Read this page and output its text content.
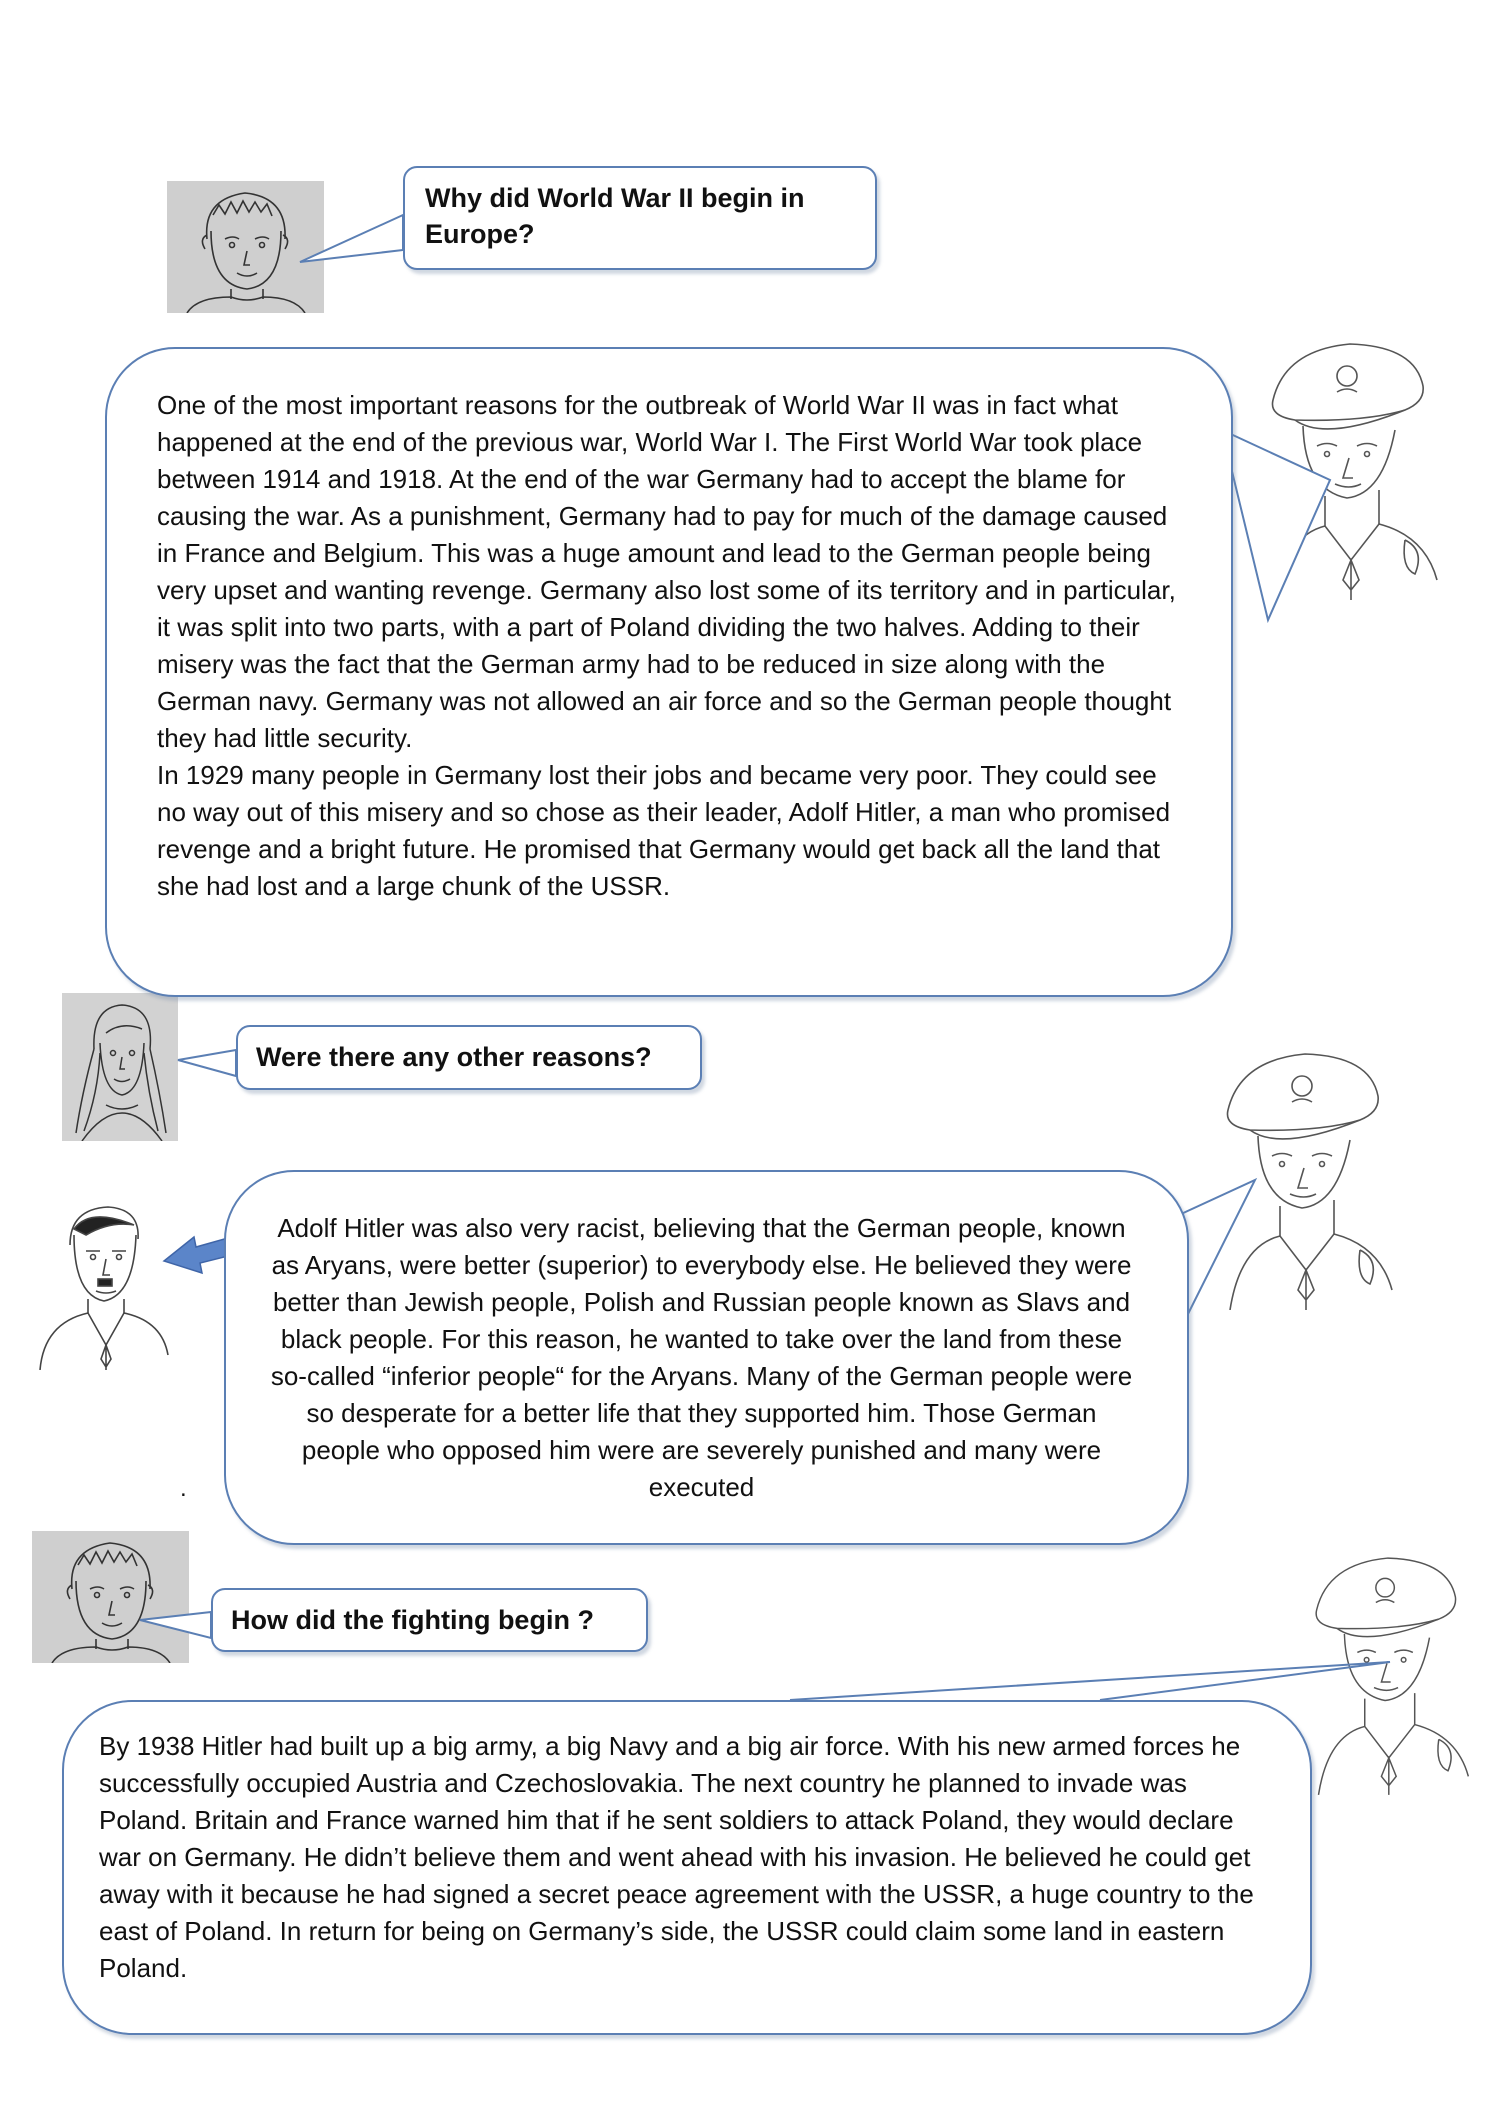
Why did World War II begin in Europe?

One of the most important reasons for the outbreak of World War II was in fact what happened at the end of the previous war, World War I. The First World War took place between 1914 and 1918. At the end of the war Germany had to accept the blame for causing the war. As a punishment, Germany had to pay for much of the damage caused in France and Belgium. This was a huge amount and lead to the German people being very upset and wanting revenge. Germany also lost some of its territory and in particular, it was split into two parts, with a part of Poland dividing the two halves. Adding to their misery was the fact that the German army had to be reduced in size along with the German navy. Germany was not allowed an air force and so the German people thought they had little security.

In 1929 many people in Germany lost their jobs and became very poor. They could see no way out of this misery and so chose as their leader, Adolf Hitler, a man who promised revenge and a bright future. He promised that Germany would get back all the land that she had lost and a large chunk of the USSR.

Were there any other reasons?

Adolf Hitler was also very racist, believing that the German people, known as Aryans, were better (superior) to everybody else. He believed they were better than Jewish people, Polish and Russian people known as Slavs and black people. For this reason, he wanted to take over the land from these so-called “inferior people“ for the Aryans. Many of the German people were so desperate for a better life that they supported him. Those German people who opposed him were are severely punished and many were executed

.
How did the fighting begin ?

By 1938 Hitler had built up a big army, a big Navy and a big air force. With his new armed forces he successfully occupied Austria and Czechoslovakia. The next country he planned to invade was Poland. Britain and France warned him that if he sent soldiers to attack Poland, they would declare war on Germany. He didn’t believe them and went ahead with his invasion. He believed he could get away with it because he had signed a secret peace agreement with the USSR, a huge country to the east of Poland. In return for being on Germany’s side, the USSR could claim some land in eastern Poland.
